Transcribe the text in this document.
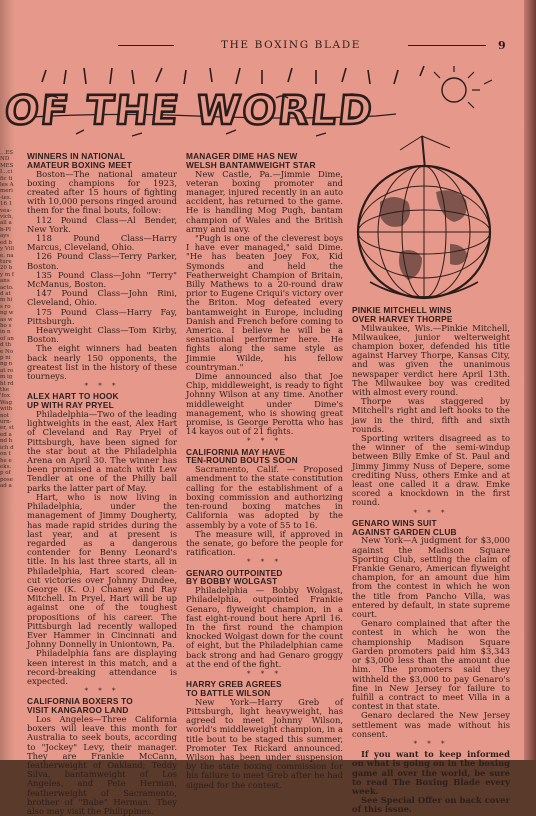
...ES ND MESI...cific tiles Ameri-ies. 16 1 vea-vich, all ab-Plays ed by Ville. nature 20 by m fans acto. d at m his rong was who s in n of and the Nop ning n at rom ight rd the 'fox Wag with not urn- er, sted and hich d on the eeks. p of pose ad a
THE BOXING BLADE	9
OF THE WORLD
WINNERS IN NATIONAL
AMATEUR BOXING MEET
Boston—The national amateur boxing champions for 1923, created after 15 hours of fighting with 10,000 persons ringed around them for the final bouts, follow:
112 Pound Class—Al Bender, New York.
118 Pound Class—Harry Marcus, Cleveland, Ohio.
126 Pound Class—Terry Parker, Boston.
135 Pound Class—John "Terry" McManus, Boston.
147 Pound Class—John Rini, Cleveland, Ohio.
175 Pound Class—Harry Fay, Pittsburgh.
Heavyweight Class—Tom Kirby, Boston.
The eight winners had beaten back nearly 150 opponents, the greatest list in the history of these tourneys.
* * *
ALEX HART TO HOOK
UP WITH RAY PRYEL
Philadelphia—Two of the leading lightweights in the east, Alex Hart of Cleveland and Ray Pryel of Pittsburgh, have been signed for the star bout at the Philadelphia Arena on April 30. The winner has been promised a match with Lew Tendler at one of the Philly ball parks the latter part of May.
Hart, who is now living in Philadelphia, under the management of Jimmy Dougherty, has made rapid strides during the last year, and at present is regarded as a dangerous contender for Benny Leonard's title. In his last three starts, all in Philadelphia, Hart scored clean-cut victories over Johnny Dundee, George (K. O.) Chaney and Ray Mitchell. In Pryel, Hart will be up against one of the toughest propositions of his career. The Pittsburgh lad recently walloped Ever Hammer in Cincinnati and Johnny Donnelly in Uniontown, Pa.
Philadelphia fans are displaying keen interest in this match, and a record-breaking attendance is expected.
* * *
CALIFORNIA BOXERS TO
VISIT KANGAROO LAND
Los Angeles—Three California boxers will leave this month for Australia to seek bouts, according to "Jockey" Levy, their manager. They are Frankie McCann, featherweight of Oakland; Teddy Silva, bantamweight of Los Angeles, and Pete Herman, featherweight of Sacramento, brother of "Babe" Herman. They also may visit the Philippines.
MANAGER DIME HAS NEW
WELSH BANTAMWEIGHT STAR
New Castle, Pa.—Jimmie Dime, veteran boxing promoter and manager, injured recently in an auto accident, has returned to the game. He is handling Mog Pugh, bantam champion of Wales and the British army and navy.
"Pugh is one of the cleverest boys I have ever managed," said Dime. "He has beaten Joey Fox, Kid Symonds and held the Featherweight Champion of Britain, Billy Mathews to a 20-round draw prior to Eugene Criqui's victory over the Briton. Mog defeated every bantamweight in Europe, including Danish and French before coming to America. I believe he will be a sensational performer here. He fights along the same style as Jimmie Wilde, his fellow countryman."
Dime announced also that Joe Chip, middleweight, is ready to fight Johnny Wilson at any time. Another middleweight under Dime's management, who is showing great promise, is George Perotta who has 14 kayos out of 21 fights.
* * *
CALIFORNIA MAY HAVE
TEN-ROUND BOUTS SOON
Sacramento, Calif. — Proposed amendment to the state constitution calling for the establishment of a boxing commission and authorizing ten-round boxing matches in California was adopted by the assembly by a vote of 55 to 16.
The measure will, if approved in the senate, go before the people for ratification.
* * *
GENARO OUTPOINTED
BY BOBBY WOLGAST
Philadelphia — Bobby Wolgast, Philadelphia, outpointed Frankie Genaro, flyweight champion, in a fast eight-round bout here April 16. In the first round the champion knocked Wolgast down for the count of eight, but the Philadelphian came back strong and had Genaro groggy at the end of the fight.
* * *
HARRY GREB AGREES
TO BATTLE WILSON
New York—Harry Greb of Pittsburgh, light heavyweight, has agreed to meet Johnny Wilson, world's middleweight champion, in a title bout to be staged this summer, Promoter Tex Rickard announced. Wilson has been under suspension by the state boxing commission for his failure to meet Greb after he had signed for the contest.
PINKIE MITCHELL WINS
OVER HARVEY THORPE
Milwaukee, Wis.—Pinkie Mitchell, Milwaukee, junior welterweight champion boxer, defended his title against Harvey Thorpe, Kansas City, and was given the unanimous newspaper verdict here April 13th. The Milwaukee boy was credited with almost every round.
Thorpe was staggered by Mitchell's right and left hooks to the jaw in the third, fifth and sixth rounds.
Sporting writers disagreed as to the winner of the semi-windup between Billy Emke of St. Paul and Jimmy Jimmy Nuss of Depere, some crediting Nuss, others Emke and at least one called it a draw. Emke scored a knockdown in the first round.
* * *
GENARO WINS SUIT
AGAINST GARDEN CLUB
New York—A judgment for $3,000 against the Madison Square Sporting Club, settling the claim of Frankie Genaro, American flyweight champion, for an amount due him from the contest in which he won the title from Pancho Villa, was entered by default, in state supreme court.
Genaro complained that after the contest in which he won the championship Madison Square Garden promoters paid him $3,343 or $3,000 less than the amount due him. The promoters said they withheld the $3,000 to pay Genaro's fine in New Jersey for failure to fulfill a contract to meet Villa in a contest in that state.
Genaro declared the New Jersey settlement was made without his consent.
* * *
If you want to keep informed on what is going on in the boxing game all over the world, be sure to read The Boxing Blade every week.
See Special Offer on back cover of this issue.
